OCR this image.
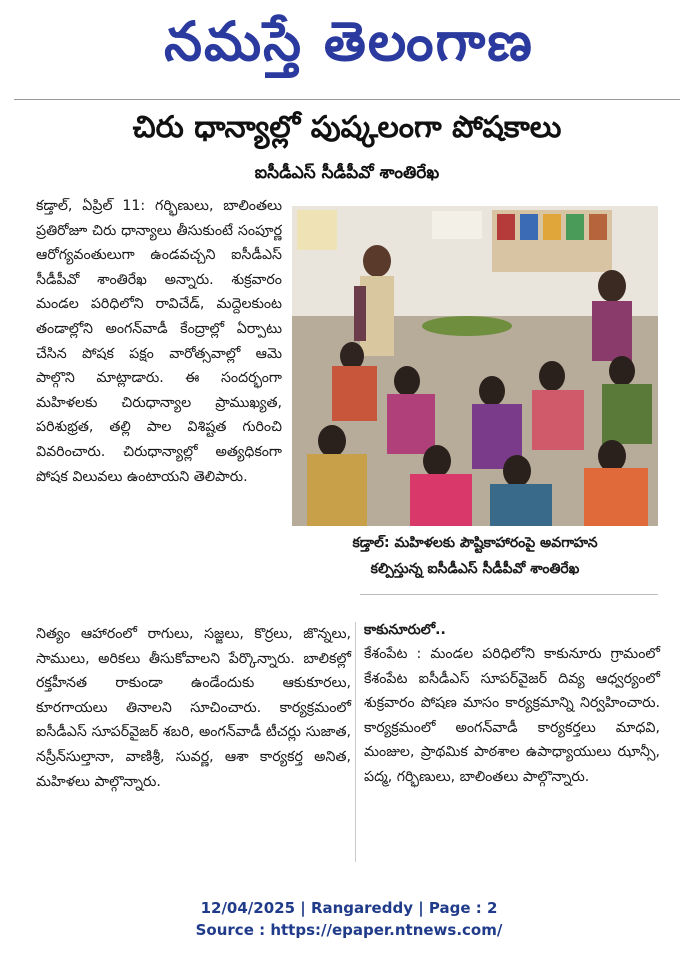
నమస్తే తెలంగాణ
చిరు ధాన్యాల్లో పుష్కలంగా పోషకాలు
ఐసీడీఎస్ సీడీపీవో శాంతిరేఖ

కడ్తాల్, ఏప్రిల్ 11: గర్భిణులు, బాలింతలు ప్రతిరోజూ చిరు ధాన్యాలు తీసుకుంటే సంపూర్ణ ఆరోగ్యవంతులుగా ఉండవచ్చని ఐసీడీఎస్ సీడీపీవో శాంతిరేఖ అన్నారు. శుక్రవారం మండల పరిధిలోని రావిచేడ్, మద్దెలకుంట తండాల్లోని అంగన్‌వాడీ కేంద్రాల్లో ఏర్పాటు చేసిన పోషక పక్షం వారోత్సవాల్లో ఆమె పాల్గొని మాట్లాడారు. ఈ సందర్భంగా మహిళలకు చిరుధాన్యాల ప్రాముఖ్యత, పరిశుభ్రత, తల్లి పాల విశిష్టత గురించి వివరించారు. చిరుధాన్యాల్లో అత్యధికంగా పోషక విలువలు ఉంటాయని తెలిపారు.

కడ్తాల్: మహిళలకు పౌష్టికాహారంపై అవగాహన

కల్పిస్తున్న ఐసీడీఎస్ సీడీపీవో శాంతిరేఖ

నిత్యం ఆహారంలో రాగులు, సజ్జలు, కొర్రలు, జొన్నలు, సాములు, అరికలు తీసుకోవాలని పేర్కొన్నారు. బాలికల్లో రక్తహీనత రాకుండా ఉండేందుకు ఆకుకూరలు, కూరగాయలు తినాలని సూచించారు. కార్యక్రమంలో ఐసీడీఎస్ సూపర్‌వైజర్ శబరి, అంగన్‌వాడీ టీచర్లు సుజాత, నస్రీన్‌సుల్తానా, వాణిశ్రీ, సువర్ణ, ఆశా కార్యకర్త అనిత, మహిళలు పాల్గొన్నారు.

కాకునూరులో..

కేశంపేట : మండల పరిధిలోని కాకునూరు గ్రామంలో కేశంపేట ఐసీడీఎస్ సూపర్‌వైజర్ దివ్య ఆధ్వర్యంలో శుక్రవారం పోషణ మాసం కార్యక్రమాన్ని నిర్వహించారు. కార్యక్రమంలో అంగన్‌వాడీ కార్యకర్తలు మాధవి, మంజుల, ప్రాథమిక పాఠశాల ఉపాధ్యాయులు ఝాన్సీ, పద్మ, గర్భిణులు, బాలింతలు పాల్గొన్నారు.

12/04/2025 | Rangareddy | Page : 2
Source : https://epaper.ntnews.com/
